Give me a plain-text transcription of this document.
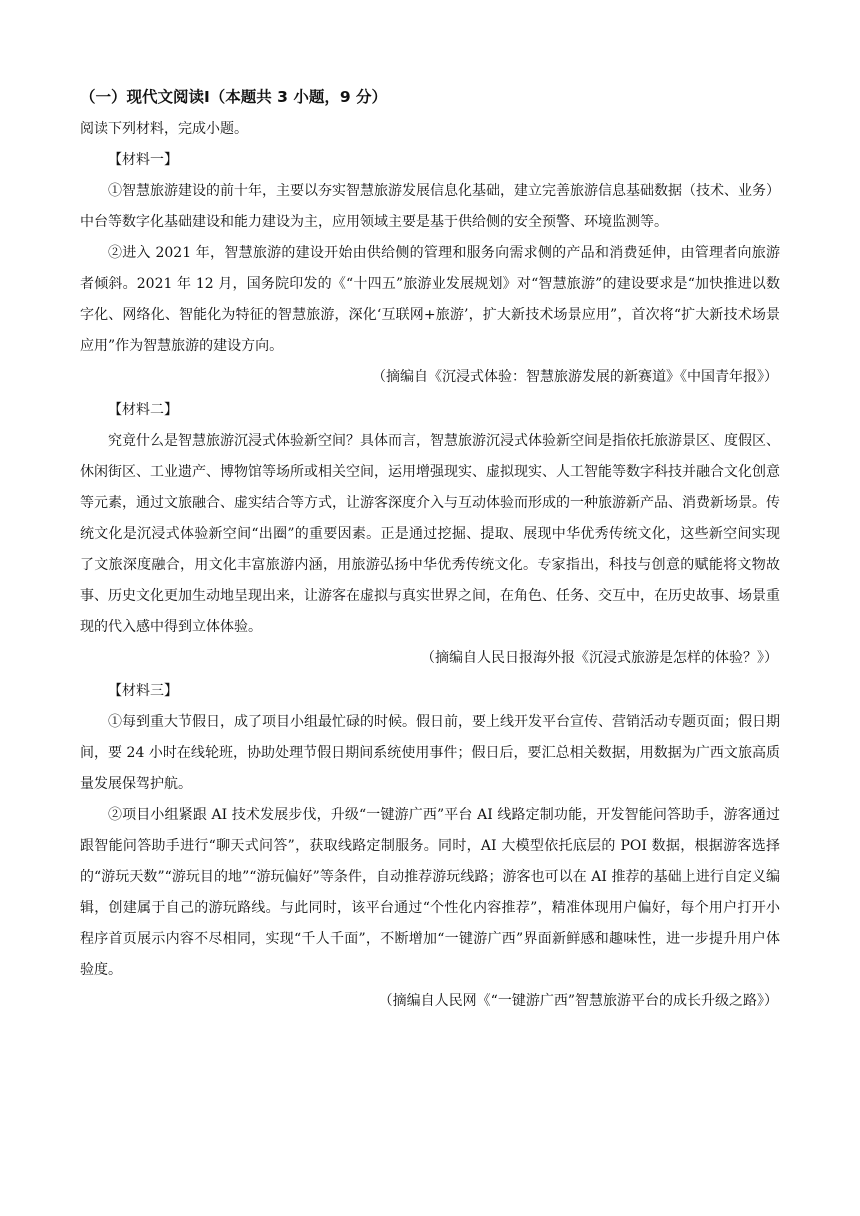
（一）现代文阅读Ⅰ（本题共 3 小题，9 分）

阅读下列材料，完成小题。

【材料一】

①智慧旅游建设的前十年，主要以夯实智慧旅游发展信息化基础，建立完善旅游信息基础数据（技术、业务）中台等数字化基础建设和能力建设为主，应用领域主要是基于供给侧的安全预警、环境监测等。

②进入 2021 年，智慧旅游的建设开始由供给侧的管理和服务向需求侧的产品和消费延伸，由管理者向旅游者倾斜。2021 年 12 月，国务院印发的《“十四五”旅游业发展规划》对“智慧旅游”的建设要求是“加快推进以数字化、网络化、智能化为特征的智慧旅游，深化‘互联网+旅游’，扩大新技术场景应用”，首次将“扩大新技术场景应用”作为智慧旅游的建设方向。

（摘编自《沉浸式体验：智慧旅游发展的新赛道》《中国青年报》）

【材料二】

究竟什么是智慧旅游沉浸式体验新空间？具体而言，智慧旅游沉浸式体验新空间是指依托旅游景区、度假区、休闲街区、工业遗产、博物馆等场所或相关空间，运用增强现实、虚拟现实、人工智能等数字科技并融合文化创意等元素，通过文旅融合、虚实结合等方式，让游客深度介入与互动体验而形成的一种旅游新产品、消费新场景。传统文化是沉浸式体验新空间“出圈”的重要因素。正是通过挖掘、提取、展现中华优秀传统文化，这些新空间实现了文旅深度融合，用文化丰富旅游内涵，用旅游弘扬中华优秀传统文化。专家指出，科技与创意的赋能将文物故事、历史文化更加生动地呈现出来，让游客在虚拟与真实世界之间，在角色、任务、交互中，在历史故事、场景重现的代入感中得到立体体验。

（摘编自人民日报海外报《沉浸式旅游是怎样的体验？》）

【材料三】

①每到重大节假日，成了项目小组最忙碌的时候。假日前，要上线开发平台宣传、营销活动专题页面；假日期间，要 24 小时在线轮班，协助处理节假日期间系统使用事件；假日后，要汇总相关数据，用数据为广西文旅高质量发展保驾护航。

②项目小组紧跟 AI 技术发展步伐，升级“一键游广西”平台 AI 线路定制功能，开发智能问答助手，游客通过跟智能问答助手进行“聊天式问答”，获取线路定制服务。同时，AI 大模型依托底层的 POI 数据，根据游客选择的“游玩天数”“游玩目的地”“游玩偏好”等条件，自动推荐游玩线路；游客也可以在 AI 推荐的基础上进行自定义编辑，创建属于自己的游玩路线。与此同时，该平台通过“个性化内容推荐”，精准体现用户偏好，每个用户打开小程序首页展示内容不尽相同，实现“千人千面”，不断增加“一键游广西”界面新鲜感和趣味性，进一步提升用户体验度。

（摘编自人民网《“一键游广西”智慧旅游平台的成长升级之路》）
